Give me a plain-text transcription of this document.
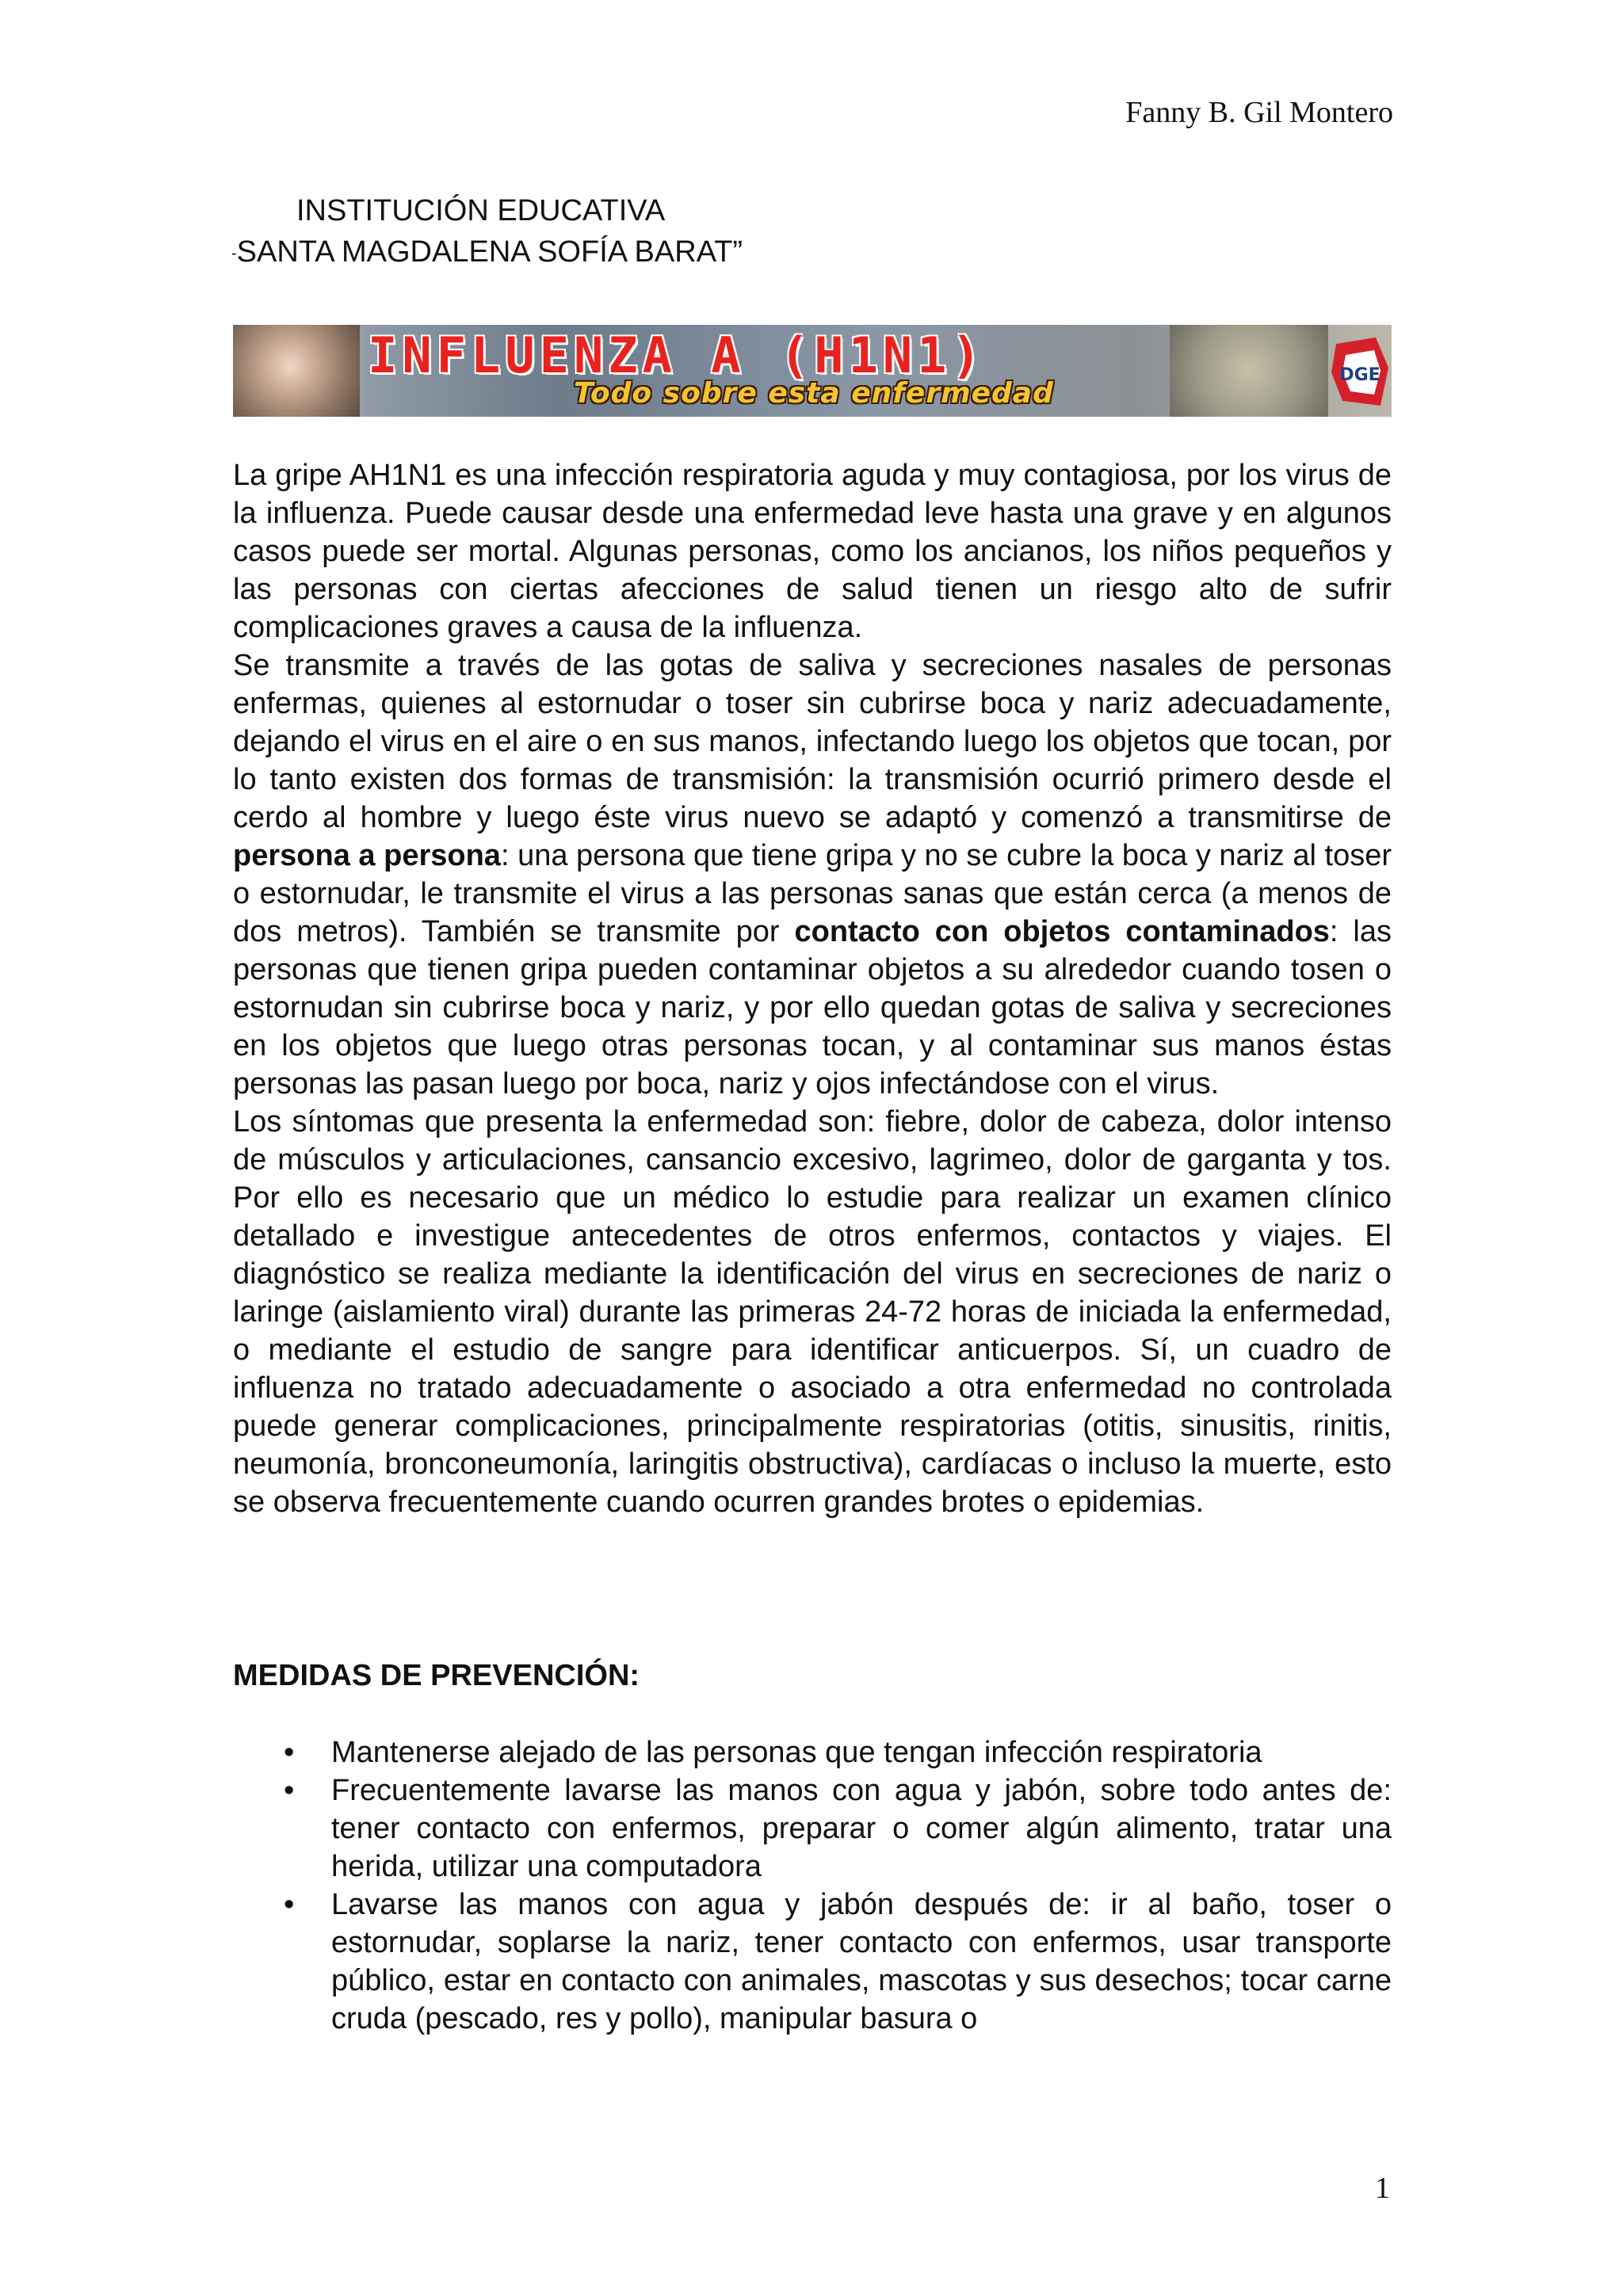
Fanny B. Gil Montero
INSTITUCIÓN EDUCATIVA
-SANTA MAGDALENA SOFÍA BARAT”
INFLUENZA A (H1N1)
Todo sobre esta enfermedad
DGE

La gripe AH1N1 es una infección respiratoria aguda y muy contagiosa, por los virus de la influenza. Puede causar desde una enfermedad leve hasta una grave y en algunos casos puede ser mortal. Algunas personas, como los ancianos, los niños pequeños y las personas con ciertas afecciones de salud tienen un riesgo alto de sufrir complicaciones graves a causa de la influenza.

Se transmite a través de las gotas de saliva y secreciones nasales de personas enfermas, quienes al estornudar o toser sin cubrirse boca y nariz adecuadamente, dejando el virus en el aire o en sus manos, infectando luego los objetos que tocan, por lo tanto existen dos formas de transmisión: la transmisión ocurrió primero desde el cerdo al hombre y luego éste virus nuevo se adaptó y comenzó a transmitirse de persona a persona: una persona que tiene gripa y no se cubre la boca y nariz al toser o estornudar, le transmite el virus a las personas sanas que están cerca (a menos de dos metros). También se transmite por contacto con objetos contaminados: las personas que tienen gripa pueden contaminar objetos a su alrededor cuando tosen o estornudan sin cubrirse boca y nariz, y por ello quedan gotas de saliva y secreciones en los objetos que luego otras personas tocan, y al contaminar sus manos éstas personas las pasan luego por boca, nariz y ojos infectándose con el virus.

Los síntomas que presenta la enfermedad son: fiebre, dolor de cabeza, dolor intenso de músculos y articulaciones, cansancio excesivo, lagrimeo, dolor de garganta y tos. Por ello es necesario que un médico lo estudie para realizar un examen clínico detallado e investigue antecedentes de otros enfermos, contactos y viajes. El diagnóstico se realiza mediante la identificación del virus en secreciones de nariz o laringe (aislamiento viral) durante las primeras 24-72 horas de iniciada la enfermedad, o mediante el estudio de sangre para identificar anticuerpos. Sí, un cuadro de influenza no tratado adecuadamente o asociado a otra enfermedad no controlada puede generar complicaciones, principalmente respiratorias (otitis, sinusitis, rinitis, neumonía, bronconeumonía, laringitis obstructiva), cardíacas o incluso la muerte, esto se observa frecuentemente cuando ocurren grandes brotes o epidemias.

MEDIDAS DE PREVENCIÓN:
• Mantenerse alejado de las personas que tengan infección respiratoria
• Frecuentemente lavarse las manos con agua y jabón, sobre todo antes de: tener contacto con enfermos, preparar o comer algún alimento, tratar una herida, utilizar una computadora
• Lavarse las manos con agua y jabón después de: ir al baño, toser o estornudar, soplarse la nariz, tener contacto con enfermos, usar transporte público, estar en contacto con animales, mascotas y sus desechos; tocar carne cruda (pescado, res y pollo), manipular basura o
1
